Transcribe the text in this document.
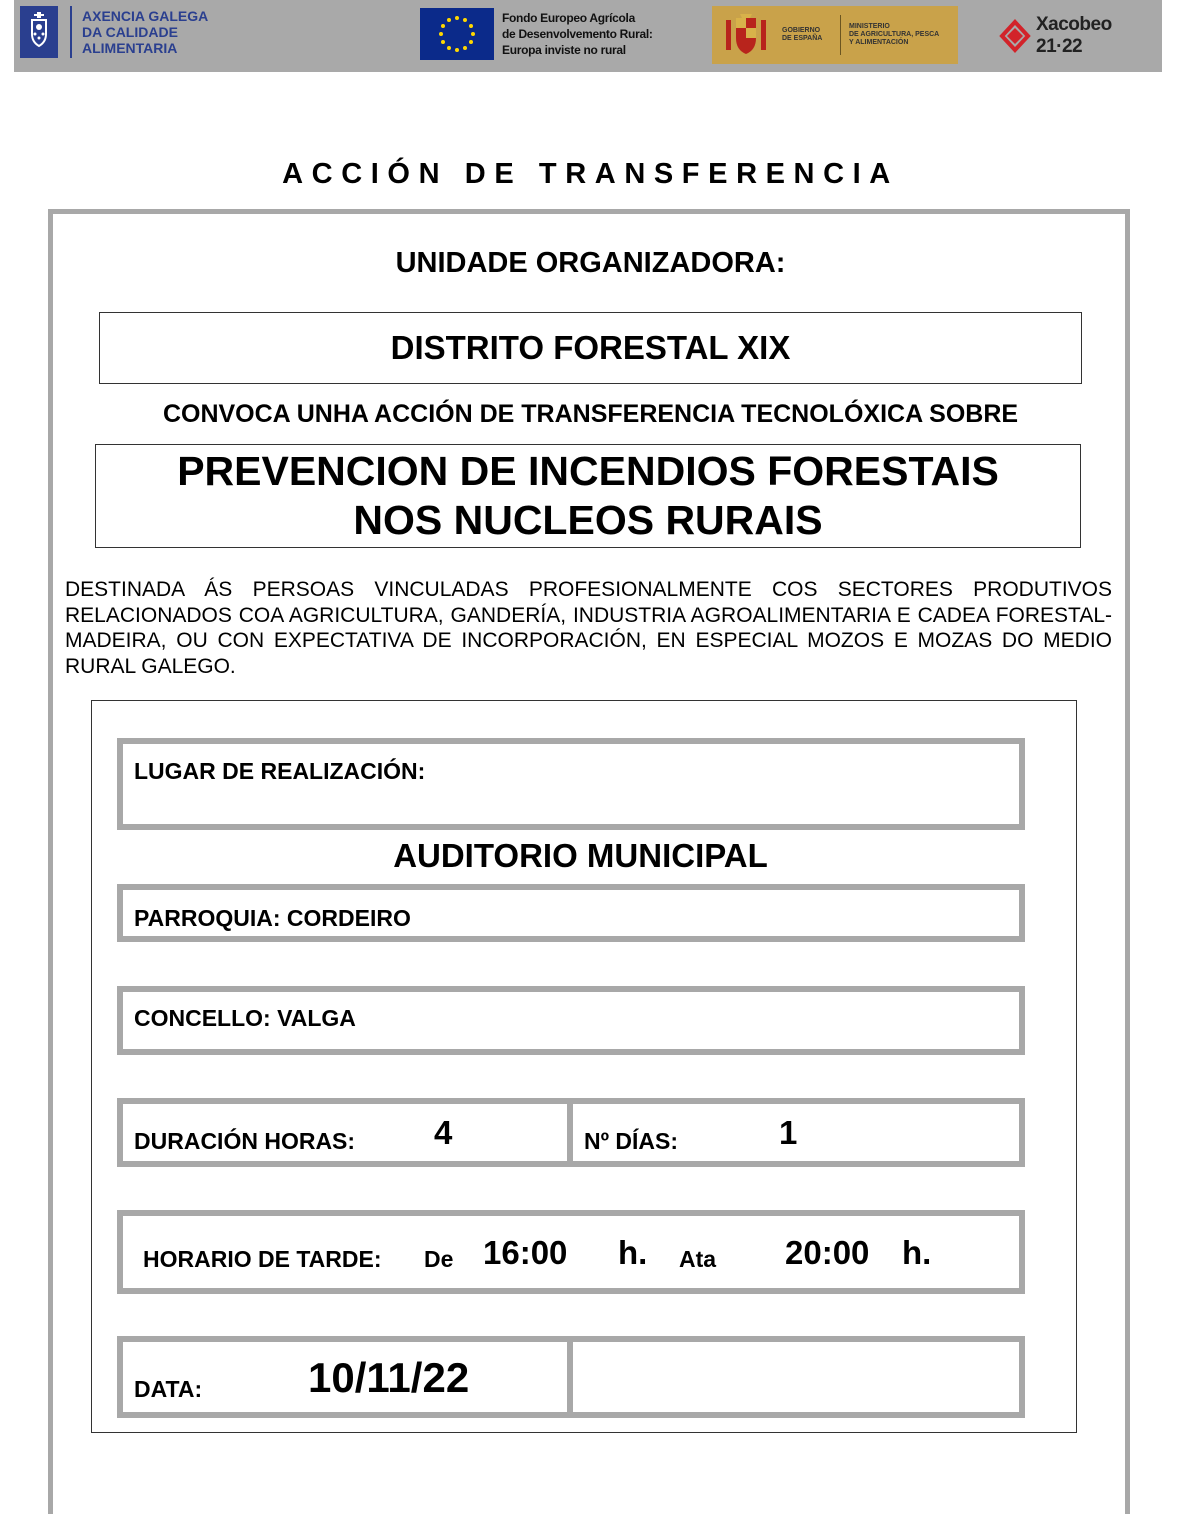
AXENCIA GALEGA
DA CALIDADE
ALIMENTARIA
Fondo Europeo Agrícola
de Desenvolvemento Rural:
Europa inviste no rural
GOBIERNO
DE ESPAÑA
MINISTERIO
DE AGRICULTURA, PESCA
Y ALIMENTACIÓN
Xacobeo 21·22
ACCIÓN DE TRANSFERENCIA
UNIDADE ORGANIZADORA:
DISTRITO FORESTAL XIX
CONVOCA UNHA ACCIÓN DE TRANSFERENCIA TECNOLÓXICA SOBRE
PREVENCION DE INCENDIOS FORESTAIS
NOS NUCLEOS RURAIS
DESTINADA ÁS PERSOAS VINCULADAS PROFESIONALMENTE COS SECTORES PRODUTIVOS RELACIONADOS COA AGRICULTURA, GANDERÍA, INDUSTRIA AGROALIMENTARIA E CADEA FORESTAL-MADEIRA, OU CON EXPECTATIVA DE INCORPORACIÓN, EN ESPECIAL MOZOS E MOZAS DO MEDIO RURAL GALEGO.
LUGAR DE REALIZACIÓN:
AUDITORIO MUNICIPAL
PARROQUIA: CORDEIRO
CONCELLO: VALGA
DURACIÓN HORAS: 4	Nº DÍAS:	1
HORARIO DE TARDE: De 16:00 h. Ata 20:00 h.
DATA:	10/11/22
